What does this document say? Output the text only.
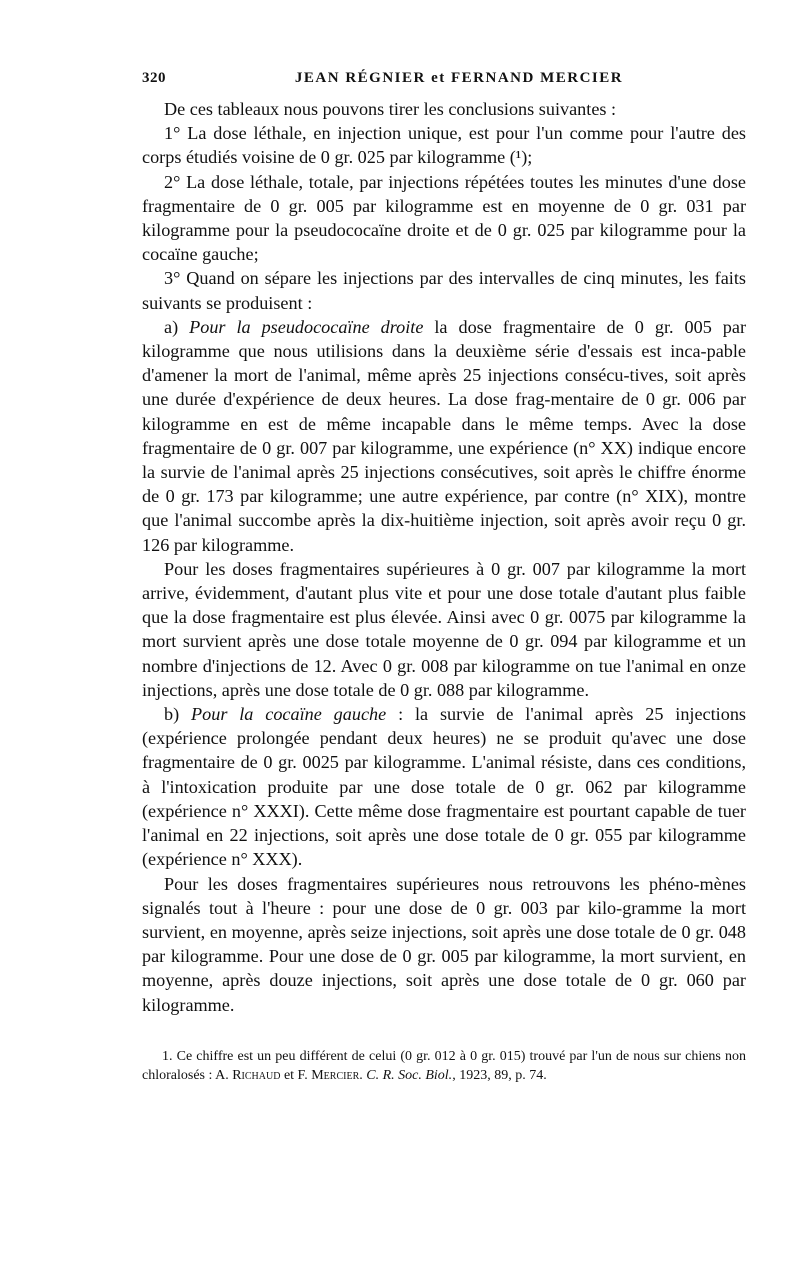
320	JEAN RÉGNIER et FERNAND MERCIER

De ces tableaux nous pouvons tirer les conclusions suivantes :

1° La dose léthale, en injection unique, est pour l'un comme pour l'autre des corps étudiés voisine de 0 gr. 025 par kilogramme (¹);

2° La dose léthale, totale, par injections répétées toutes les minutes d'une dose fragmentaire de 0 gr. 005 par kilogramme est en moyenne de 0 gr. 031 par kilogramme pour la pseudococaïne droite et de 0 gr. 025 par kilogramme pour la cocaïne gauche;

3° Quand on sépare les injections par des intervalles de cinq minutes, les faits suivants se produisent :

a) Pour la pseudococaïne droite la dose fragmentaire de 0 gr. 005 par kilogramme que nous utilisions dans la deuxième série d'essais est inca-pable d'amener la mort de l'animal, même après 25 injections consécu-tives, soit après une durée d'expérience de deux heures. La dose frag-mentaire de 0 gr. 006 par kilogramme en est de même incapable dans le même temps. Avec la dose fragmentaire de 0 gr. 007 par kilogramme, une expérience (n° XX) indique encore la survie de l'animal après 25 injections consécutives, soit après le chiffre énorme de 0 gr. 173 par kilogramme; une autre expérience, par contre (n° XIX), montre que l'animal succombe après la dix-huitième injection, soit après avoir reçu 0 gr. 126 par kilogramme.

Pour les doses fragmentaires supérieures à 0 gr. 007 par kilogramme la mort arrive, évidemment, d'autant plus vite et pour une dose totale d'autant plus faible que la dose fragmentaire est plus élevée. Ainsi avec 0 gr. 0075 par kilogramme la mort survient après une dose totale moyenne de 0 gr. 094 par kilogramme et un nombre d'injections de 12. Avec 0 gr. 008 par kilogramme on tue l'animal en onze injections, après une dose totale de 0 gr. 088 par kilogramme.

b) Pour la cocaïne gauche : la survie de l'animal après 25 injections (expérience prolongée pendant deux heures) ne se produit qu'avec une dose fragmentaire de 0 gr. 0025 par kilogramme. L'animal résiste, dans ces conditions, à l'intoxication produite par une dose totale de 0 gr. 062 par kilogramme (expérience n° XXXI). Cette même dose fragmentaire est pourtant capable de tuer l'animal en 22 injections, soit après une dose totale de 0 gr. 055 par kilogramme (expérience n° XXX).

Pour les doses fragmentaires supérieures nous retrouvons les phéno-mènes signalés tout à l'heure : pour une dose de 0 gr. 003 par kilo-gramme la mort survient, en moyenne, après seize injections, soit après une dose totale de 0 gr. 048 par kilogramme. Pour une dose de 0 gr. 005 par kilogramme, la mort survient, en moyenne, après douze injections, soit après une dose totale de 0 gr. 060 par kilogramme.

1. Ce chiffre est un peu différent de celui (0 gr. 012 à 0 gr. 015) trouvé par l'un de nous sur chiens non chloralosés : A. Richaud et F. Mercier. C. R. Soc. Biol., 1923, 89, p. 74.
